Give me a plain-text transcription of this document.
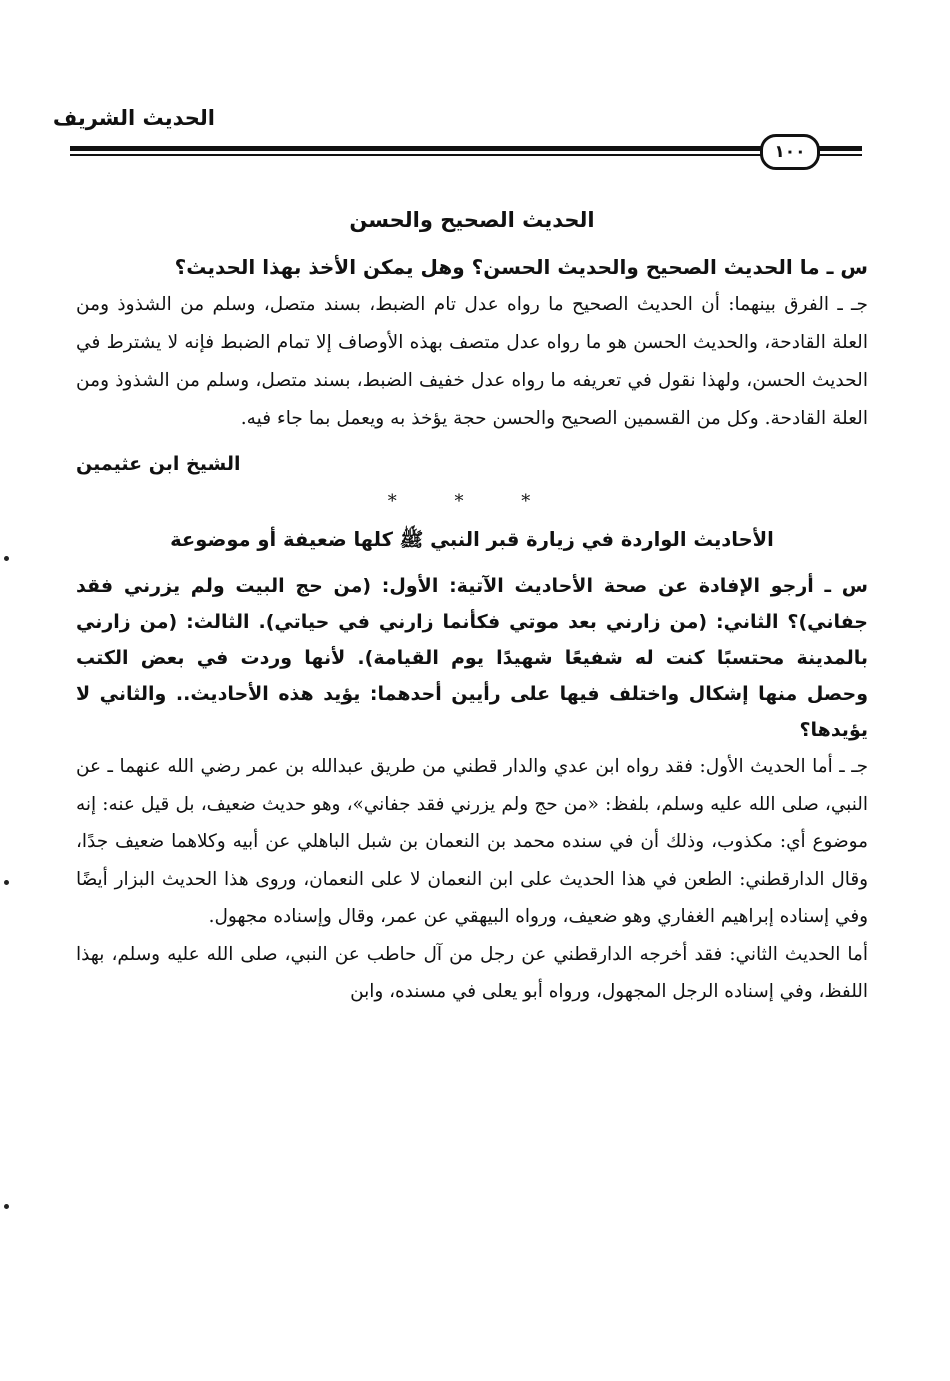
الحديث الشريف
١٠٠
الحديث الصحيح والحسن

س ـ ما الحديث الصحيح والحديث الحسن؟ وهل يمكن الأخذ بهذا الحديث؟

جـ ـ الفرق بينهما: أن الحديث الصحيح ما رواه عدل تام الضبط، بسند متصل، وسلم من الشذوذ ومن العلة القادحة، والحديث الحسن هو ما رواه عدل متصف بهذه الأوصاف إلا تمام الضبط فإنه لا يشترط في الحديث الحسن، ولهذا نقول في تعريفه ما رواه عدل خفيف الضبط، بسند متصل، وسلم من الشذوذ ومن العلة القادحة. وكل من القسمين الصحيح والحسن حجة يؤخذ به ويعمل بما جاء فيه.

الشيخ ابن عثيمين

* * *

الأحاديث الواردة في زيارة قبر النبي ﷺ كلها ضعيفة أو موضوعة

س ـ أرجو الإفادة عن صحة الأحاديث الآتية: الأول: (من حج البيت ولم يزرني فقد جفاني)؟ الثاني: (من زارني بعد موتي فكأنما زارني في حياتي). الثالث: (من زارني بالمدينة محتسبًا كنت له شفيعًا شهيدًا يوم القيامة). لأنها وردت في بعض الكتب وحصل منها إشكال واختلف فيها على رأيين أحدهما: يؤيد هذه الأحاديث.. والثاني لا يؤيدها؟

جـ ـ أما الحديث الأول: فقد رواه ابن عدي والدار قطني من طريق عبدالله بن عمر رضي الله عنهما ـ عن النبي، صلى الله عليه وسلم، بلفظ: «من حج ولم يزرني فقد جفاني»، وهو حديث ضعيف، بل قيل عنه: إنه موضوع أي: مكذوب، وذلك أن في سنده محمد بن النعمان بن شبل الباهلي عن أبيه وكلاهما ضعيف جدًا، وقال الدارقطني: الطعن في هذا الحديث على ابن النعمان لا على النعمان، وروى هذا الحديث البزار أيضًا وفي إسناده إبراهيم الغفاري وهو ضعيف، ورواه البيهقي عن عمر، وقال وإسناده مجهول.

أما الحديث الثاني: فقد أخرجه الدارقطني عن رجل من آل حاطب عن النبي، صلى الله عليه وسلم، بهذا اللفظ، وفي إسناده الرجل المجهول، ورواه أبو يعلى في مسنده، وابن
